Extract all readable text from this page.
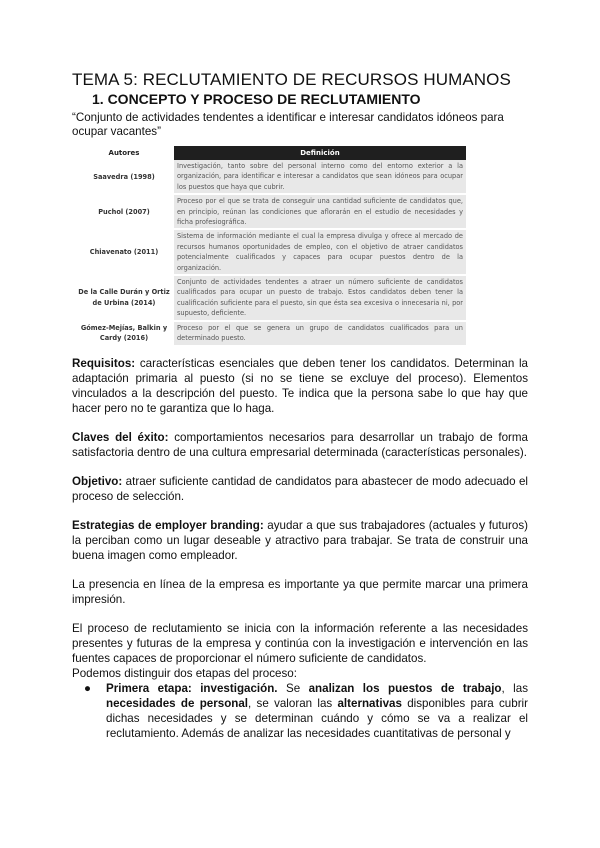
TEMA 5: RECLUTAMIENTO DE RECURSOS HUMANOS
1. CONCEPTO Y PROCESO DE RECLUTAMIENTO
“Conjunto de actividades tendentes a identificar e interesar candidatos idóneos para ocupar vacantes”
Autores	Definición
Saavedra (1998)	Investigación, tanto sobre del personal interno como del entorno exterior a la organización, para identificar e interesar a candidatos que sean idóneos para ocupar los puestos que haya que cubrir.
Puchol (2007)	Proceso por el que se trata de conseguir una cantidad suficiente de candidatos que, en principio, reúnan las condiciones que aflorarán en el estudio de necesidades y ficha profesiográfica.
Chiavenato (2011)	Sistema de información mediante el cual la empresa divulga y ofrece al mercado de recursos humanos oportunidades de empleo, con el objetivo de atraer candidatos potencialmente cualificados y capaces para ocupar puestos dentro de la organización.
De la Calle Durán y Ortiz de Urbina (2014)	Conjunto de actividades tendentes a atraer un número suficiente de candidatos cualificados para ocupar un puesto de trabajo. Estos candidatos deben tener la cualificación suficiente para el puesto, sin que ésta sea excesiva o innecesaria ni, por supuesto, deficiente.
Gómez-Mejías, Balkin y Cardy (2016)	Proceso por el que se genera un grupo de candidatos cualificados para un determinado puesto.

Requisitos: características esenciales que deben tener los candidatos. Determinan la adaptación primaria al puesto (si no se tiene se excluye del proceso). Elementos vinculados a la descripción del puesto. Te indica que la persona sabe lo que hay que hacer pero no te garantiza que lo haga.

Claves del éxito: comportamientos necesarios para desarrollar un trabajo de forma satisfactoria dentro de una cultura empresarial determinada (características personales).

Objetivo: atraer suficiente cantidad de candidatos para abastecer de modo adecuado el proceso de selección.

Estrategias de employer branding: ayudar a que sus trabajadores (actuales y futuros) la perciban como un lugar deseable y atractivo para trabajar. Se trata de construir una buena imagen como empleador.

La presencia en línea de la empresa es importante ya que permite marcar una primera impresión.

El proceso de reclutamiento se inicia con la información referente a las necesidades presentes y futuras de la empresa y continúa con la investigación e intervención en las fuentes capaces de proporcionar el número suficiente de candidatos.

Podemos distinguir dos etapas del proceso:

● Primera etapa: investigación. Se analizan los puestos de trabajo, las necesidades de personal, se valoran las alternativas disponibles para cubrir dichas necesidades y se determinan cuándo y cómo se va a realizar el reclutamiento. Además de analizar las necesidades cuantitativas de personal y
